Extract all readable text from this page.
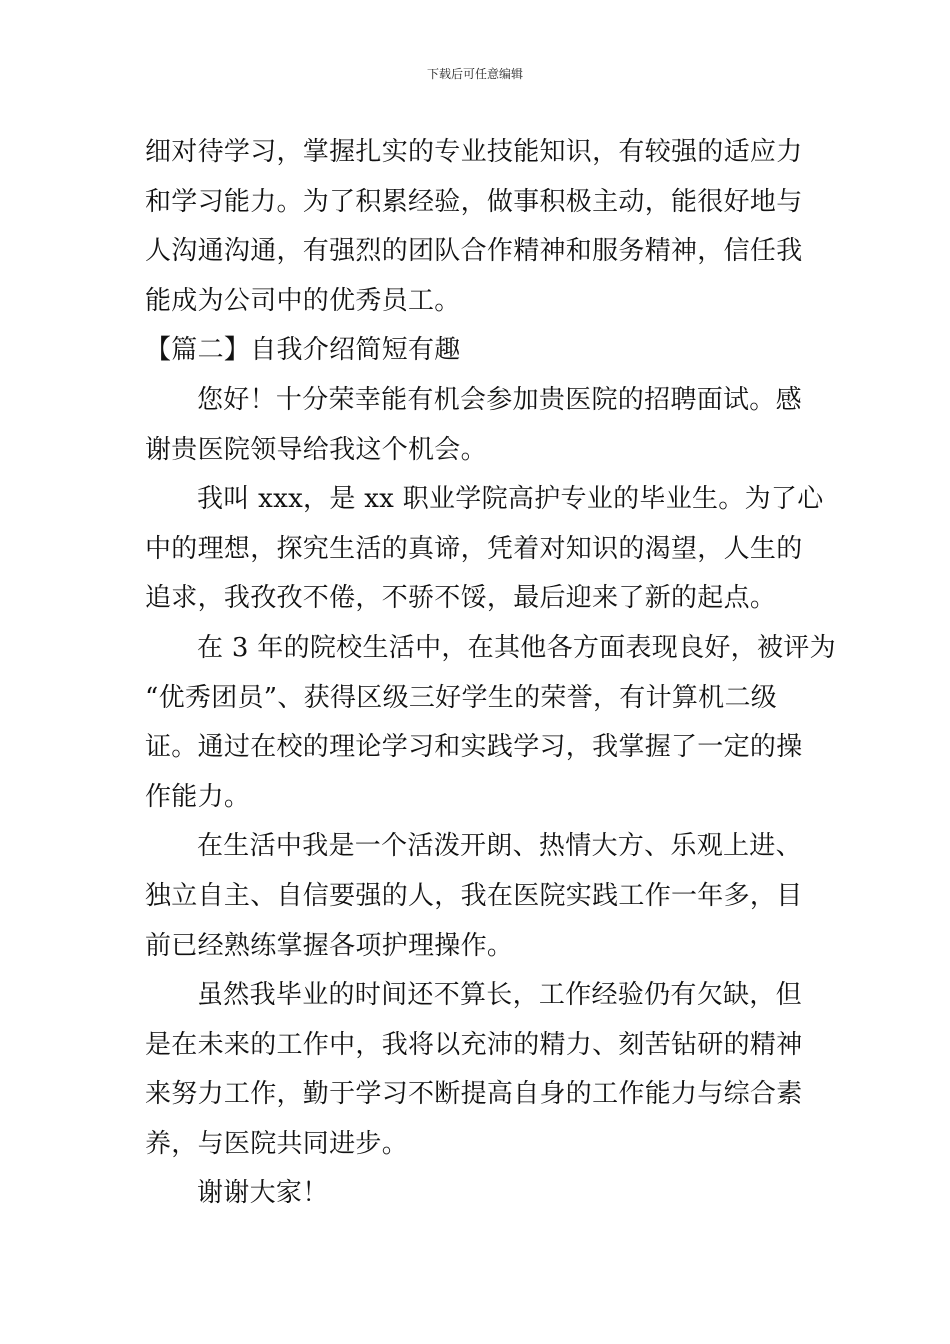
下载后可任意编辑
细对待学习，掌握扎实的专业技能知识，有较强的适应力
和学习能力。为了积累经验，做事积极主动，能很好地与
人沟通沟通，有强烈的团队合作精神和服务精神，信任我
能成为公司中的优秀员工。
【篇二】自我介绍简短有趣
您好！十分荣幸能有机会参加贵医院的招聘面试。感
谢贵医院领导给我这个机会。
我叫 xxx，是 xx 职业学院高护专业的毕业生。为了心
中的理想，探究生活的真谛，凭着对知识的渴望，人生的
追求，我孜孜不倦，不骄不馁，最后迎来了新的起点。
在 3 年的院校生活中，在其他各方面表现良好，被评为
“优秀团员”、获得区级三好学生的荣誉，有计算机二级
证。通过在校的理论学习和实践学习，我掌握了一定的操
作能力。
在生活中我是一个活泼开朗、热情大方、乐观上进、
独立自主、自信要强的人，我在医院实践工作一年多，目
前已经熟练掌握各项护理操作。
虽然我毕业的时间还不算长，工作经验仍有欠缺，但
是在未来的工作中，我将以充沛的精力、刻苦钻研的精神
来努力工作，勤于学习不断提高自身的工作能力与综合素
养，与医院共同进步。
谢谢大家！
